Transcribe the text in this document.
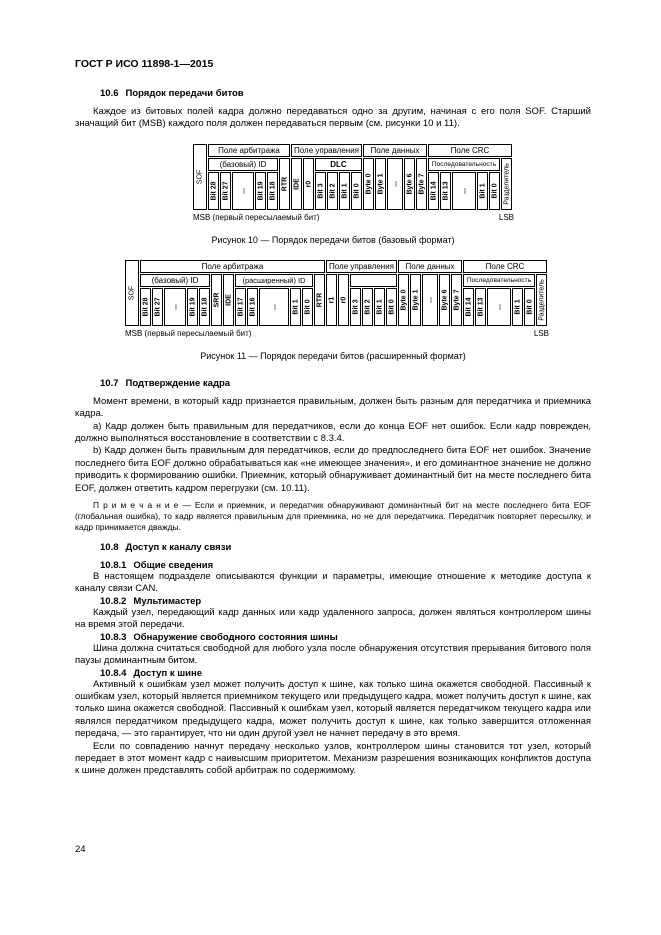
ГОСТ Р ИСО 11898-1—2015
10.6 Порядок передачи битов

Каждое из битовых полей кадра должно передаваться одно за другим, начиная с его поля SOF. Старший значащий бит (MSB) каждого поля должен передаваться первым (см. рисунки 10 и 11).

SOF
Поле арбитража
(базовый) ID
Bit 28 Bit 27 ... Bit 19 Bit 18 RTR
Поле управления
IDE r0
DLC
Bit 3 Bit 2 Bit 1 Bit 0
Поле данных
Byte 0 Byte 1 ... Byte 6 Byte 7
Поле CRC
Последовательность
Bit 14 Bit 13 ... Bit 1 Bit 0 Разделитель
MSB (первый пересылаемый бит)	LSB
Рисунок 10 — Порядок передачи битов (базовый формат)
SOF
Поле арбитража
(базовый) ID
Bit 28 Bit 27 ... Bit 19 Bit 18 SRR IDE
(расширенный) ID
Bit 17 Bit 16 ... Bit 1 Bit 0 RTR
Поле управления
r1 r0 Bit 3 Bit 2 Bit 1 Bit 0
Поле данных
Byte 0 Byte 1 ... Byte 6 Byte 7
Поле CRC
Последовательность
Bit 14 Bit 13 ... Bit 1 Bit 0 Разделитель
MSB (первый пересылаемый бит)	LSB
Рисунок 11 — Порядок передачи битов (расширенный формат)
10.7 Подтверждение кадра

Момент времени, в который кадр признается правильным, должен быть разным для передатчика и приемника кадра.

a) Кадр должен быть правильным для передатчиков, если до конца EOF нет ошибок. Если кадр поврежден, должно выполняться восстановление в соответствии с 8.3.4.

b) Кадр должен быть правильным для передатчиков, если до предпоследнего бита EOF нет ошибок. Значение последнего бита EOF должно обрабатываться как «не имеющее значения», и его доминантное значение не должно приводить к формированию ошибки. Приемник, который обнаруживает доминантный бит на месте последнего бита EOF, должен ответить кадром перегрузки (см. 10.11).

П р и м е ч а н и е — Если и приемник, и передатчик обнаруживают доминантный бит на месте последнего бита EOF (глобальная ошибка), то кадр является правильным для приемника, но не для передатчика. Передатчик повторяет пересылку, и кадр принимается дважды.

10.8 Доступ к каналу связи
10.8.1 Общие сведения

В настоящем подразделе описываются функции и параметры, имеющие отношение к методике доступа к каналу связи CAN.

10.8.2 Мультимастер

Каждый узел, передающий кадр данных или кадр удаленного запроса, должен являться контроллером шины на время этой передачи.

10.8.3 Обнаружение свободного состояния шины

Шина должна считаться свободной для любого узла после обнаружения отсутствия прерывания битового поля паузы доминантным битом.

10.8.4 Доступ к шине

Активный к ошибкам узел может получить доступ к шине, как только шина окажется свободной. Пассивный к ошибкам узел, который является приемником текущего или предыдущего кадра, может получить доступ к шине, как только шина окажется свободной. Пассивный к ошибкам узел, который является передатчиком текущего кадра или являлся передатчиком предыдущего кадра, может получить доступ к шине, как только завершится отложенная передача, — это гарантирует, что ни один другой узел не начнет передачу в это время.

Если по совпадению начнут передачу несколько узлов, контроллером шины становится тот узел, который передает в этот момент кадр с наивысшим приоритетом. Механизм разрешения возникающих конфликтов доступа к шине должен представлять собой арбитраж по содержимому.

24
